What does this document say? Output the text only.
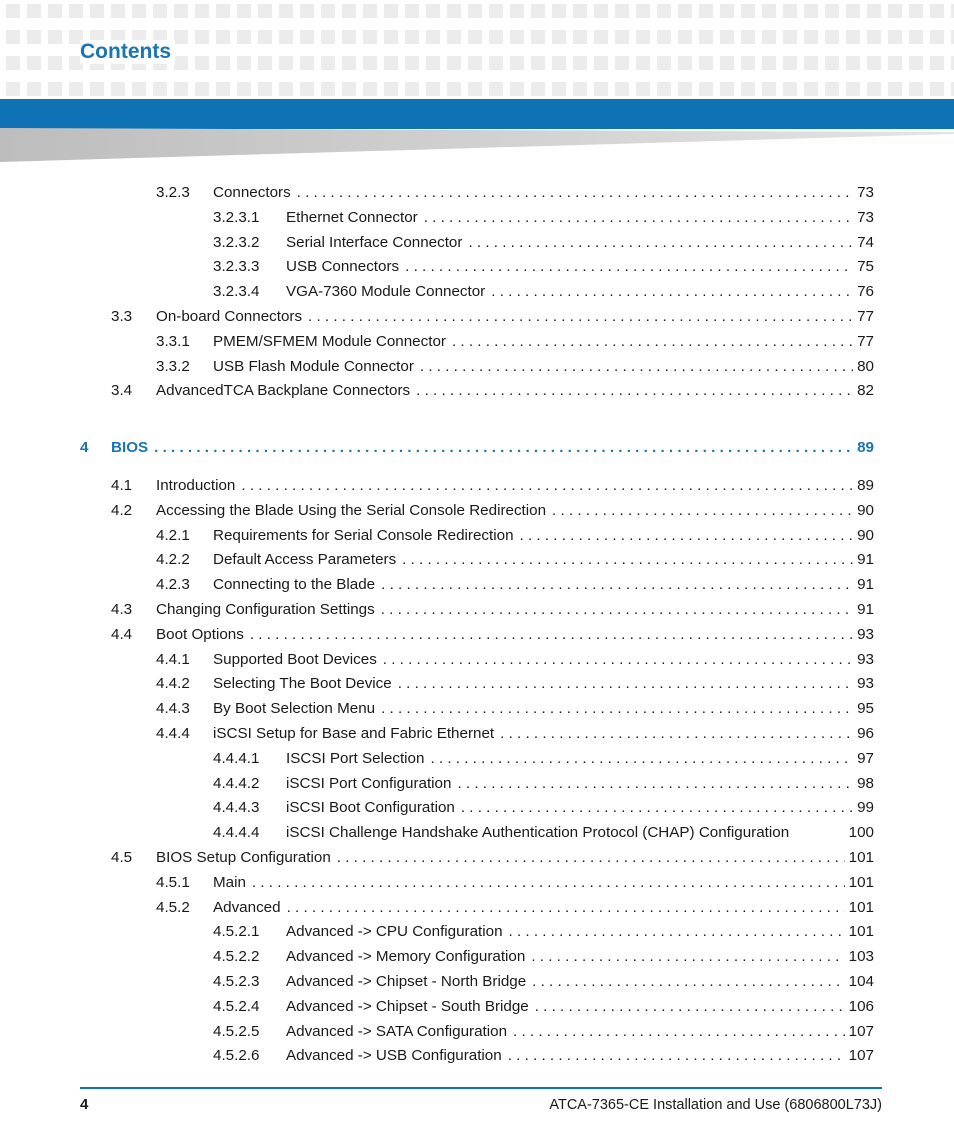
Contents
3.2.3	Connectors . . .	73
3.2.3.1	Ethernet Connector . . .	73
3.2.3.2	Serial Interface Connector . . .	74
3.2.3.3	USB Connectors . . .	75
3.2.3.4	VGA-7360 Module Connector . . .	76
3.3	On-board Connectors . . .	77
3.3.1	PMEM/SFMEM Module Connector . . .	77
3.3.2	USB Flash Module Connector . . .	80
3.4	AdvancedTCA Backplane Connectors . . .	82
4	BIOS . . .	89
4.1	Introduction . . .	89
4.2	Accessing the Blade Using the Serial Console Redirection . . .	90
4.2.1	Requirements for Serial Console Redirection . . .	90
4.2.2	Default Access Parameters . . .	91
4.2.3	Connecting to the Blade . . .	91
4.3	Changing Configuration Settings . . .	91
4.4	Boot Options . . .	93
4.4.1	Supported Boot Devices . . .	93
4.4.2	Selecting The Boot Device . . .	93
4.4.3	By Boot Selection Menu . . .	95
4.4.4	iSCSI Setup for Base and Fabric Ethernet . . .	96
4.4.4.1	ISCSI Port Selection . . .	97
4.4.4.2	iSCSI Port Configuration . . .	98
4.4.4.3	iSCSI Boot Configuration . . .	99
4.4.4.4	iSCSI Challenge Handshake Authentication Protocol (CHAP) Configuration	100
4.5	BIOS Setup Configuration . . .	101
4.5.1	Main . . .	101
4.5.2	Advanced . . .	101
4.5.2.1	Advanced -> CPU Configuration . . .	101
4.5.2.2	Advanced -> Memory Configuration . . .	103
4.5.2.3	Advanced -> Chipset - North Bridge . . .	104
4.5.2.4	Advanced -> Chipset - South Bridge . . .	106
4.5.2.5	Advanced -> SATA Configuration . . .	107
4.5.2.6	Advanced -> USB Configuration . . .	107
4	ATCA-7365-CE Installation and Use (6806800L73J)
